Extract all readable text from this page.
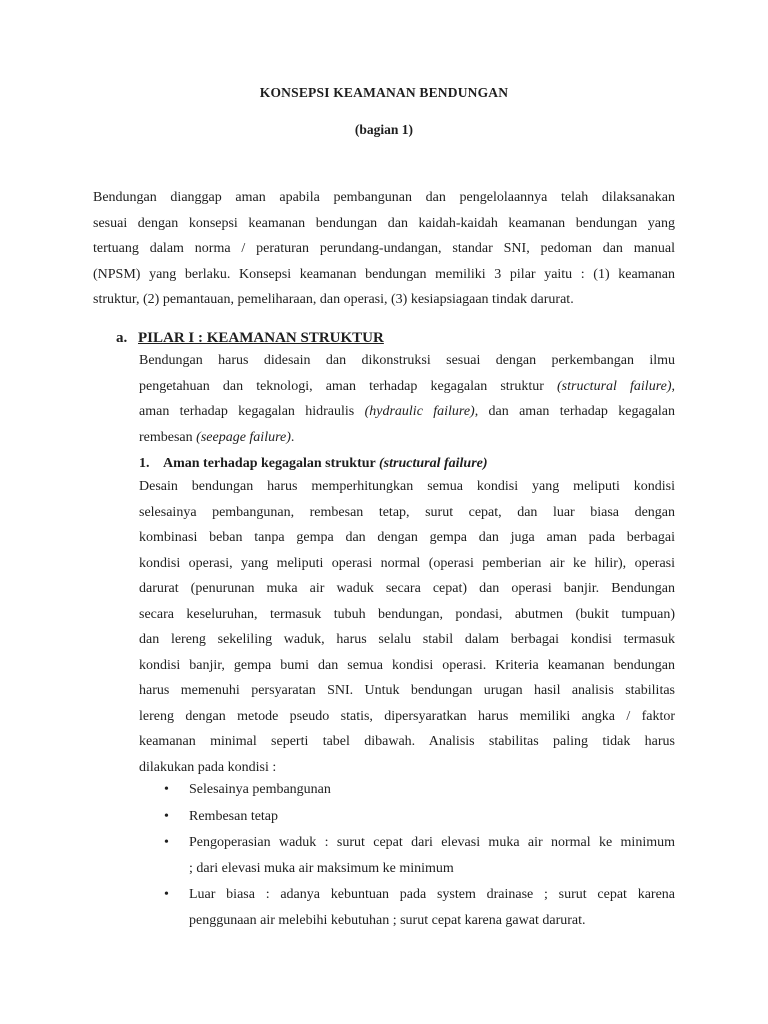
KONSEPSI KEAMANAN BENDUNGAN
(bagian 1)
Bendungan dianggap aman apabila pembangunan dan pengelolaannya telah dilaksanakan
sesuai dengan konsepsi keamanan bendungan dan kaidah-kaidah keamanan bendungan yang
tertuang dalam norma / peraturan perundang-undangan, standar SNI, pedoman dan manual
(NPSM) yang berlaku. Konsepsi keamanan bendungan memiliki 3 pilar yaitu : (1) keamanan
struktur, (2) pemantauan, pemeliharaan, dan operasi, (3) kesiapsiagaan tindak darurat.
a. PILAR I : KEAMANAN STRUKTUR
Bendungan harus didesain dan dikonstruksi sesuai dengan perkembangan ilmu
pengetahuan dan teknologi, aman terhadap kegagalan struktur (structural failure),
aman terhadap kegagalan hidraulis (hydraulic failure), dan aman terhadap kegagalan
rembesan (seepage failure).
1. Aman terhadap kegagalan struktur (structural failure)
Desain bendungan harus memperhitungkan semua kondisi yang meliputi kondisi
selesainya pembangunan, rembesan tetap, surut cepat, dan luar biasa dengan
kombinasi beban tanpa gempa dan dengan gempa dan juga aman pada berbagai
kondisi operasi, yang meliputi operasi normal (operasi pemberian air ke hilir), operasi
darurat (penurunan muka air waduk secara cepat) dan operasi banjir. Bendungan
secara keseluruhan, termasuk tubuh bendungan, pondasi, abutmen (bukit tumpuan)
dan lereng sekeliling waduk, harus selalu stabil dalam berbagai kondisi termasuk
kondisi banjir, gempa bumi dan semua kondisi operasi. Kriteria keamanan bendungan
harus memenuhi persyaratan SNI. Untuk bendungan urugan hasil analisis stabilitas
lereng dengan metode pseudo statis, dipersyaratkan harus memiliki angka / faktor
keamanan minimal seperti tabel dibawah. Analisis stabilitas paling tidak harus
dilakukan pada kondisi :
•	Selesainya pembangunan
•	Rembesan tetap
•	Pengoperasian waduk : surut cepat dari elevasi muka air normal ke minimum
; dari elevasi muka air maksimum ke minimum
•	Luar biasa : adanya kebuntuan pada system drainase ; surut cepat karena
penggunaan air melebihi kebutuhan ; surut cepat karena gawat darurat.
